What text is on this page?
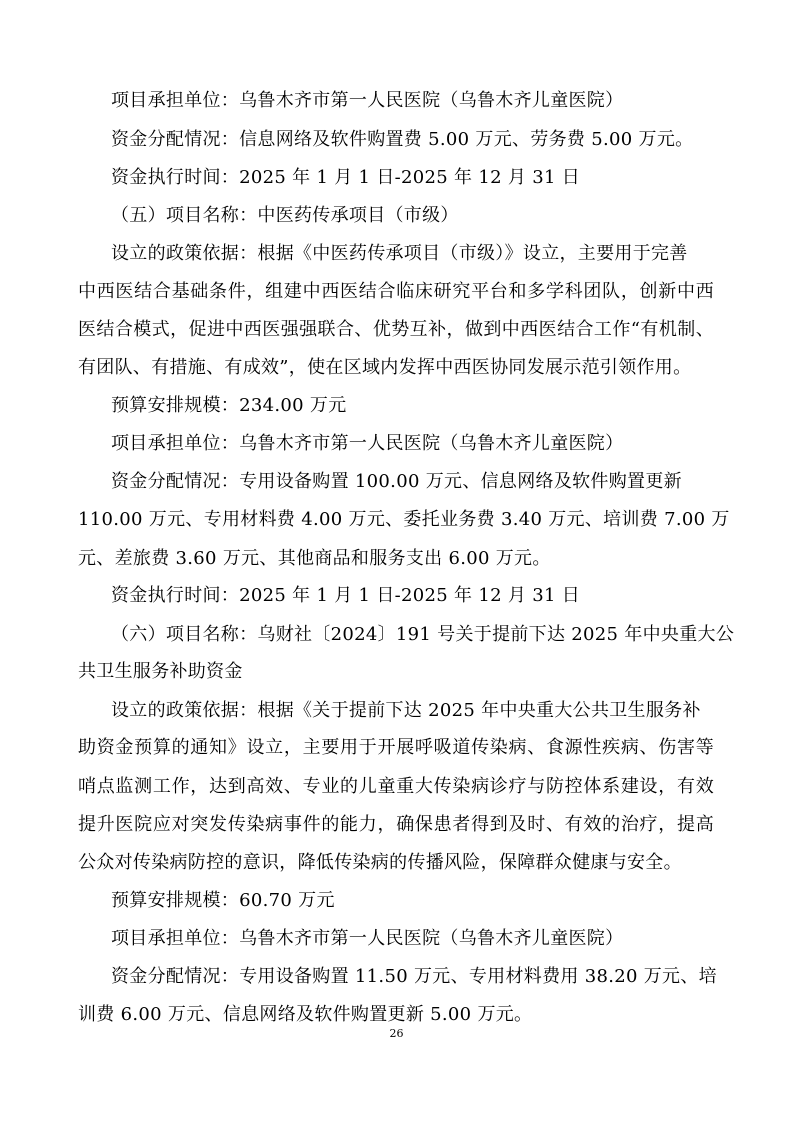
项目承担单位：乌鲁木齐市第一人民医院（乌鲁木齐儿童医院）
资金分配情况：信息网络及软件购置费 5.00 万元、劳务费 5.00 万元。
资金执行时间：2025 年 1 月 1 日-2025 年 12 月 31 日
（五）项目名称：中医药传承项目（市级）
设立的政策依据：根据《中医药传承项目（市级）》设立，主要用于完善
中西医结合基础条件，组建中西医结合临床研究平台和多学科团队，创新中西
医结合模式，促进中西医强强联合、优势互补，做到中西医结合工作“有机制、
有团队、有措施、有成效”，使在区域内发挥中西医协同发展示范引领作用。
预算安排规模：234.00 万元
项目承担单位：乌鲁木齐市第一人民医院（乌鲁木齐儿童医院）
资金分配情况：专用设备购置 100.00 万元、信息网络及软件购置更新
110.00 万元、专用材料费 4.00 万元、委托业务费 3.40 万元、培训费 7.00 万
元、差旅费 3.60 万元、其他商品和服务支出 6.00 万元。
资金执行时间：2025 年 1 月 1 日-2025 年 12 月 31 日
（六）项目名称：乌财社〔2024〕191 号关于提前下达 2025 年中央重大公
共卫生服务补助资金
设立的政策依据：根据《关于提前下达 2025 年中央重大公共卫生服务补
助资金预算的通知》设立，主要用于开展呼吸道传染病、食源性疾病、伤害等
哨点监测工作，达到高效、专业的儿童重大传染病诊疗与防控体系建设，有效
提升医院应对突发传染病事件的能力，确保患者得到及时、有效的治疗，提高
公众对传染病防控的意识，降低传染病的传播风险，保障群众健康与安全。
预算安排规模：60.70 万元
项目承担单位：乌鲁木齐市第一人民医院（乌鲁木齐儿童医院）
资金分配情况：专用设备购置 11.50 万元、专用材料费用 38.20 万元、培
训费 6.00 万元、信息网络及软件购置更新 5.00 万元。
26
